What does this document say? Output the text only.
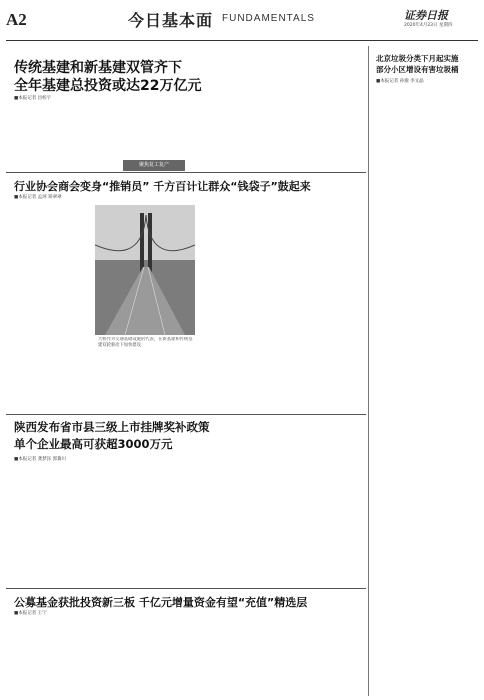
A2	今日基本面 FUNDAMENTALS	证券日报
2020年4月23日 星期四
传统基建和新基建双管齐下
全年基建总投资或达22万亿元
■本报记者 昌校宇

聚焦复工复产
行业协会商会变身“推销员” 千方百计让群众“钱袋子”鼓起来
■本报记者 孟珂 矫翠翠

大桥作为交通基础设施的代表，在新基建和传统基建双轮驱动下加快建设

陕西发布省市县三级上市挂牌奖补政策
单个企业最高可获超3000万元
■本报记者 龚梦泽 郭冀川

公募基金获批投资新三板 千亿元增量资金有望“充值”精选层
■本报记者 王宁

北京垃圾分类下月起实施
部分小区增设有害垃圾桶
■本报记者 孙瑜 李文晶
